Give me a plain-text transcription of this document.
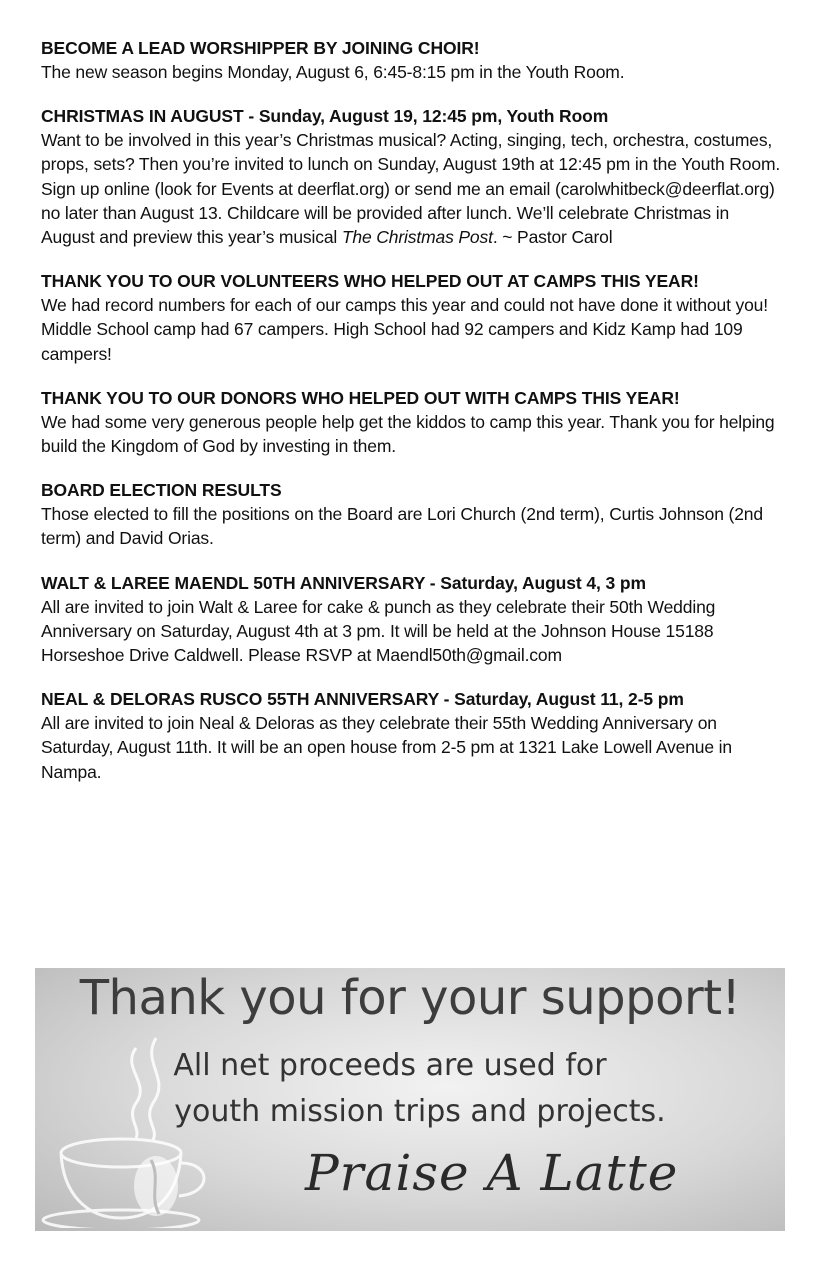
BECOME A LEAD WORSHIPPER BY JOINING CHOIR!

The new season begins Monday, August 6, 6:45-8:15 pm in the Youth Room.

CHRISTMAS IN AUGUST - Sunday, August 19, 12:45 pm, Youth Room

Want to be involved in this year’s Christmas musical? Acting, singing, tech, orchestra, costumes, props, sets? Then you’re invited to lunch on Sunday, August 19th at 12:45 pm in the Youth Room. Sign up online (look for Events at deerflat.org) or send me an email (carolwhitbeck@deerflat.org) no later than August 13. Childcare will be provided after lunch. We’ll celebrate Christmas in August and preview this year’s musical The Christmas Post. ~ Pastor Carol

THANK YOU TO OUR VOLUNTEERS WHO HELPED OUT AT CAMPS THIS YEAR!

We had record numbers for each of our camps this year and could not have done it without you! Middle School camp had 67 campers. High School had 92 campers and Kidz Kamp had 109 campers!

THANK YOU TO OUR DONORS WHO HELPED OUT WITH CAMPS THIS YEAR!

We had some very generous people help get the kiddos to camp this year. Thank you for helping build the Kingdom of God by investing in them.

BOARD ELECTION RESULTS

Those elected to fill the positions on the Board are Lori Church (2nd term), Curtis Johnson (2nd term) and David Orias.

WALT & LAREE MAENDL 50TH ANNIVERSARY - Saturday, August 4, 3 pm

All are invited to join Walt & Laree for cake & punch as they celebrate their 50th Wedding Anniversary on Saturday, August 4th at 3 pm. It will be held at the Johnson House 15188 Horseshoe Drive Caldwell. Please RSVP at Maendl50th@gmail.com

NEAL & DELORAS RUSCO 55TH ANNIVERSARY - Saturday, August 11, 2-5 pm

All are invited to join Neal & Deloras as they celebrate their 55th Wedding Anniversary on Saturday, August 11th. It will be an open house from 2-5 pm at 1321 Lake Lowell Avenue in Nampa.

Thank you for your support!
All net proceeds are used for
youth mission trips and projects.
Praise A Latte
